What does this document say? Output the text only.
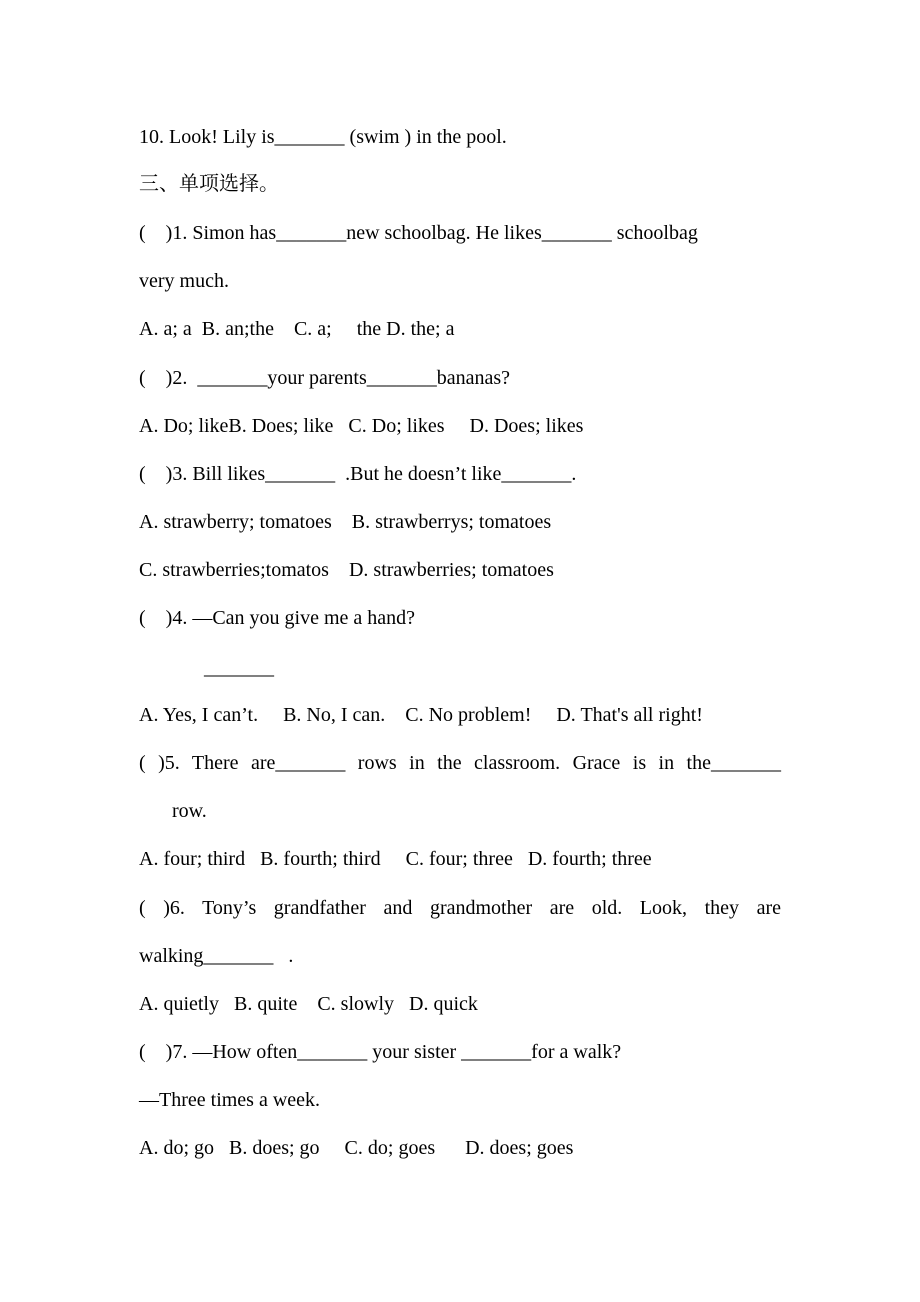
10. Look! Lily is_______ (swim ) in the pool.
三、单项选择。
(    )1. Simon has_______new schoolbag. He likes_______ schoolbag
very much.
A. a; a  B. an;the    C. a;     the D. the; a
(    )2.  _______your parents_______bananas?
A. Do; likeB. Does; like   C. Do; likes     D. Does; likes
(    )3. Bill likes_______  .But he doesn’t like_______.
A. strawberry; tomatoes    B. strawberrys; tomatoes
C. strawberries;tomatos    D. strawberries; tomatoes
(    )4. —Can you give me a hand?
_______
A. Yes, I can’t.     B. No, I can.    C. No problem!     D. That's all right!
( )5. There are_______ rows in the classroom. Grace is in the_______
row.
A. four; third   B. fourth; third     C. four; three   D. fourth; three
( )6. Tony’s grandfather and grandmother are old. Look, they are
walking_______   .
A. quietly   B. quite    C. slowly   D. quick
(    )7. —How often_______ your sister _______for a walk?
—Three times a week.
A. do; go   B. does; go     C. do; goes      D. does; goes
